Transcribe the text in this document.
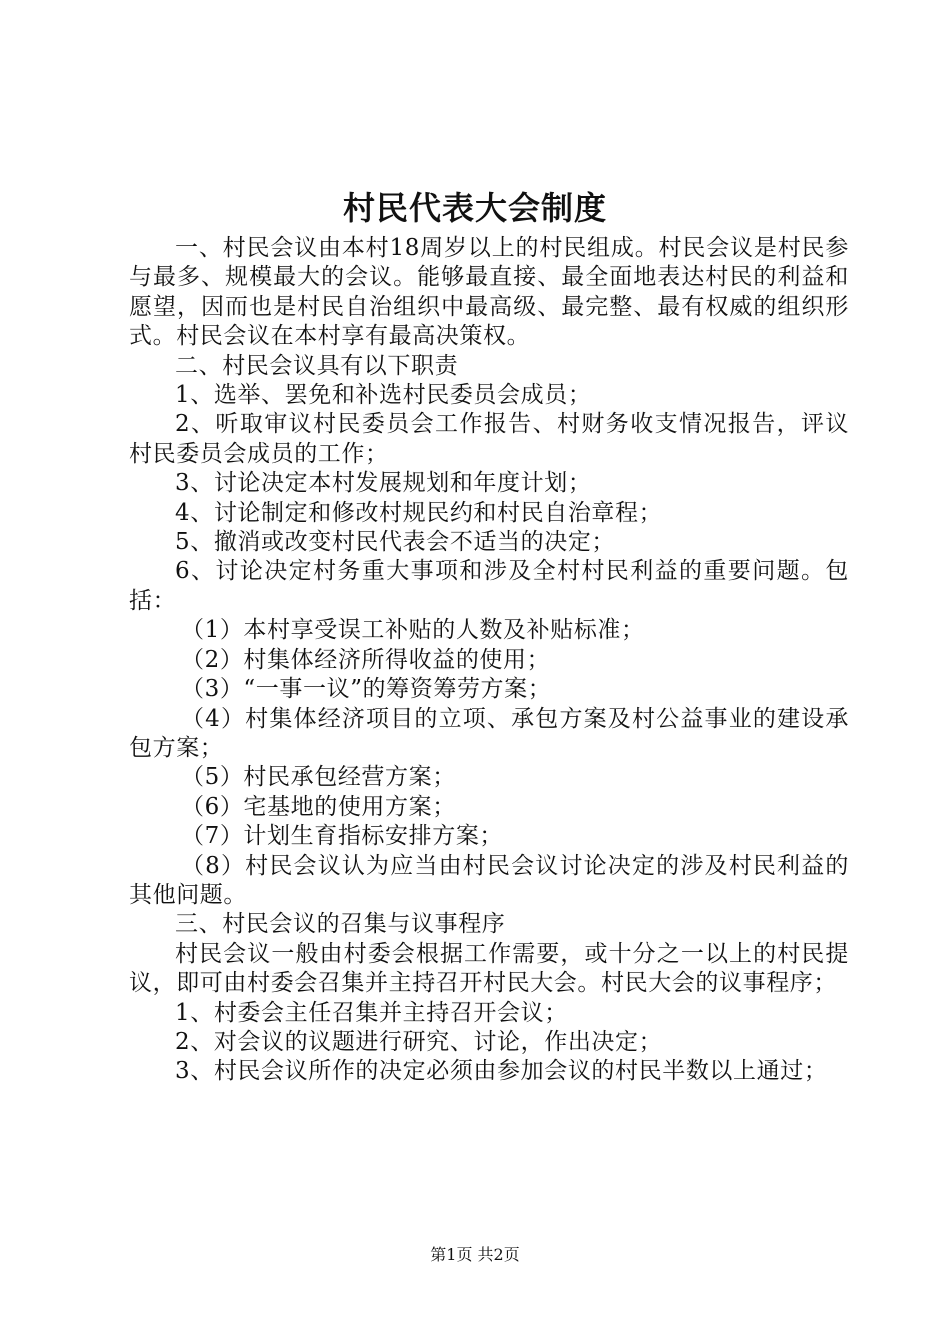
村民代表大会制度

一、村民会议由本村18周岁以上的村民组成。村民会议是村民参与最多、规模最大的会议。能够最直接、最全面地表达村民的利益和愿望，因而也是村民自治组织中最高级、最完整、最有权威的组织形式。村民会议在本村享有最高决策权。

二、村民会议具有以下职责

1、选举、罢免和补选村民委员会成员；

2、听取审议村民委员会工作报告、村财务收支情况报告，评议村民委员会成员的工作；

3、讨论决定本村发展规划和年度计划；

4、讨论制定和修改村规民约和村民自治章程；

5、撤消或改变村民代表会不适当的决定；

6、讨论决定村务重大事项和涉及全村村民利益的重要问题。包括：

（1）本村享受误工补贴的人数及补贴标准；

（2）村集体经济所得收益的使用；

（3）“一事一议”的筹资筹劳方案；

（4）村集体经济项目的立项、承包方案及村公益事业的建设承包方案；

（5）村民承包经营方案；

（6）宅基地的使用方案；

（7）计划生育指标安排方案；

（8）村民会议认为应当由村民会议讨论决定的涉及村民利益的其他问题。

三、村民会议的召集与议事程序

村民会议一般由村委会根据工作需要，或十分之一以上的村民提议，即可由村委会召集并主持召开村民大会。村民大会的议事程序；

1、村委会主任召集并主持召开会议；

2、对会议的议题进行研究、讨论，作出决定；

3、村民会议所作的决定必须由参加会议的村民半数以上通过；

第1页 共2页
